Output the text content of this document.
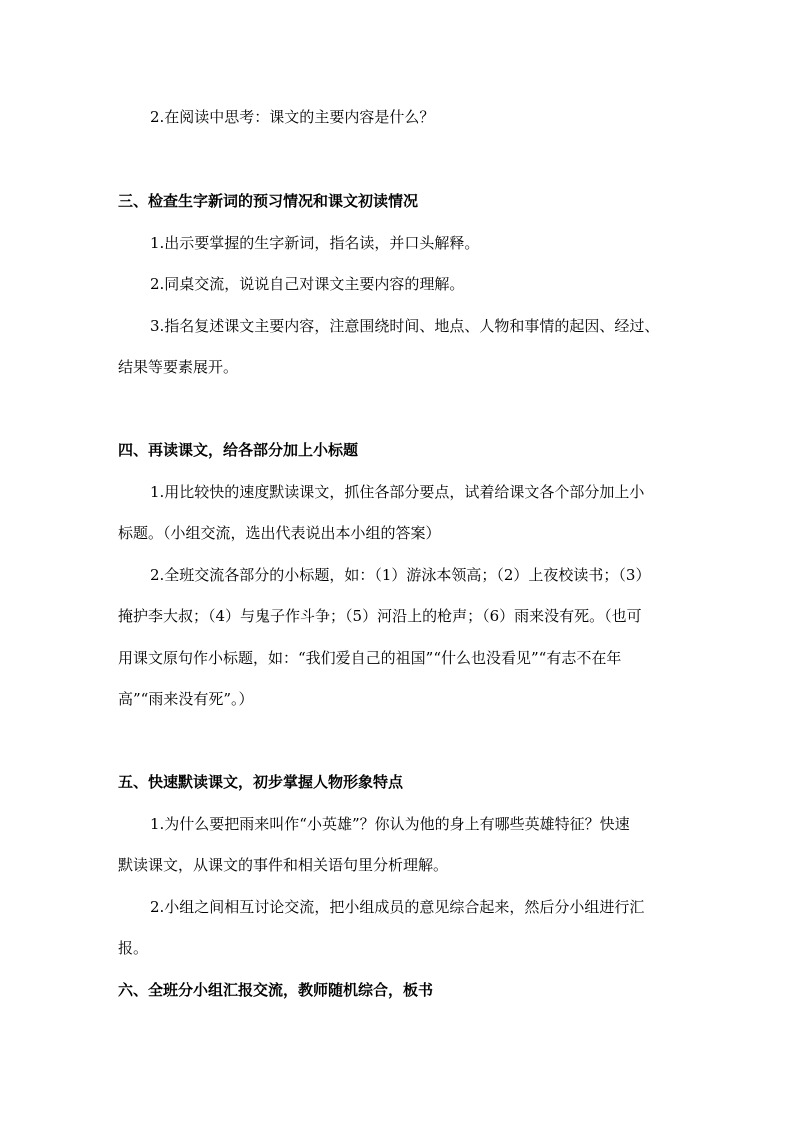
2.在阅读中思考：课文的主要内容是什么？
三、检查生字新词的预习情况和课文初读情况
1.出示要掌握的生字新词，指名读，并口头解释。
2.同桌交流，说说自己对课文主要内容的理解。
3.指名复述课文主要内容，注意围绕时间、地点、人物和事情的起因、经过、
结果等要素展开。
四、再读课文，给各部分加上小标题
1.用比较快的速度默读课文，抓住各部分要点，试着给课文各个部分加上小
标题。（小组交流，选出代表说出本小组的答案）
2.全班交流各部分的小标题，如：（1）游泳本领高；（2）上夜校读书；（3）
掩护李大叔；（4）与鬼子作斗争；（5）河沿上的枪声；（6）雨来没有死。（也可
用课文原句作小标题，如：“我们爱自己的祖国”“什么也没看见”“有志不在年
高”“雨来没有死”。）
五、快速默读课文，初步掌握人物形象特点
1.为什么要把雨来叫作“小英雄”？你认为他的身上有哪些英雄特征？快速
默读课文，从课文的事件和相关语句里分析理解。
2.小组之间相互讨论交流，把小组成员的意见综合起来，然后分小组进行汇
报。
六、全班分小组汇报交流，教师随机综合，板书
